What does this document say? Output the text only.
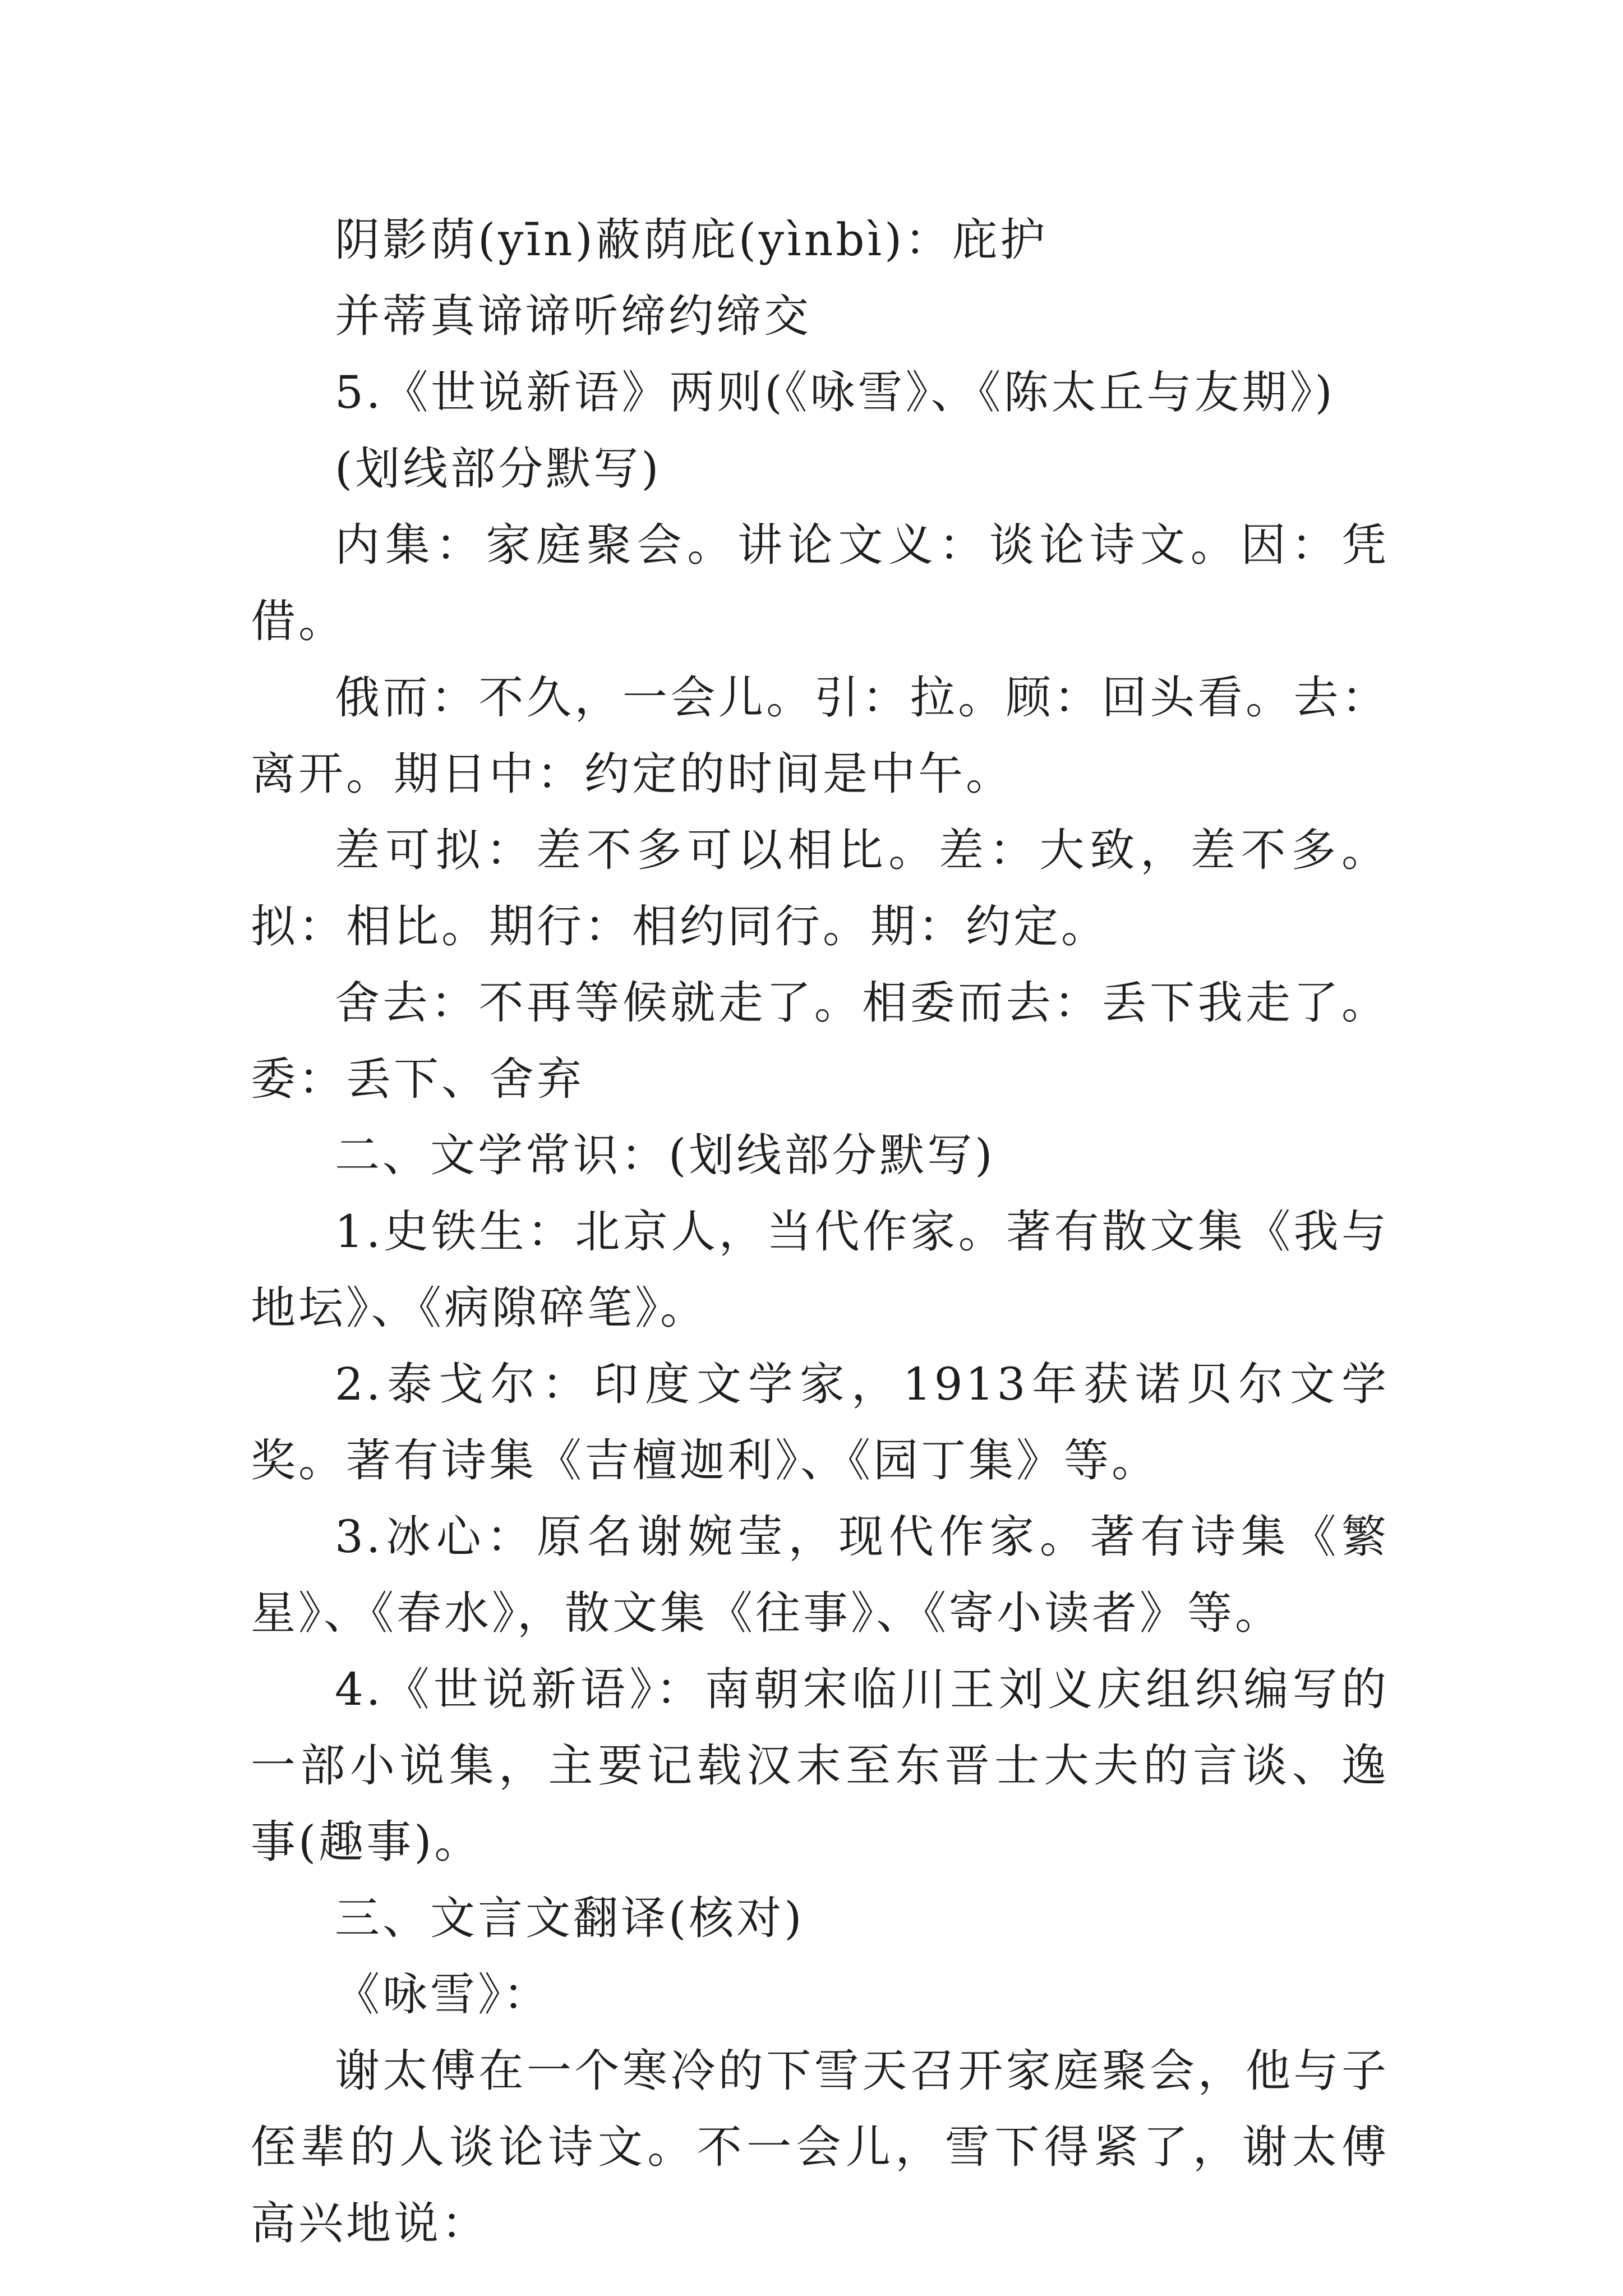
阴影荫(yīn)蔽荫庇(yìnbì)：庇护

并蒂真谛谛听缔约缔交

5.《世说新语》两则(《咏雪》、《陈太丘与友期》)

(划线部分默写)

内集：家庭聚会。讲论文义：谈论诗文。因：凭借。

俄而：不久，一会儿。引：拉。顾：回头看。去：离开。期日中：约定的时间是中午。

差可拟：差不多可以相比。差：大致，差不多。拟：相比。期行：相约同行。期：约定。

舍去：不再等候就走了。相委而去：丢下我走了。委：丢下、舍弃

二、文学常识：(划线部分默写)

1.史铁生：北京人，当代作家。著有散文集《我与地坛》、《病隙碎笔》。

2.泰戈尔：印度文学家，1913年获诺贝尔文学奖。著有诗集《吉檀迦利》、《园丁集》等。

3.冰心：原名谢婉莹，现代作家。著有诗集《繁星》、《春水》，散文集《往事》、《寄小读者》等。

4.《世说新语》：南朝宋临川王刘义庆组织编写的一部小说集，主要记载汉末至东晋士大夫的言谈、逸事(趣事)。

三、文言文翻译(核对)

《咏雪》：

谢太傅在一个寒冷的下雪天召开家庭聚会，他与子侄辈的人谈论诗文。不一会儿，雪下得紧了，谢太傅高兴地说：
